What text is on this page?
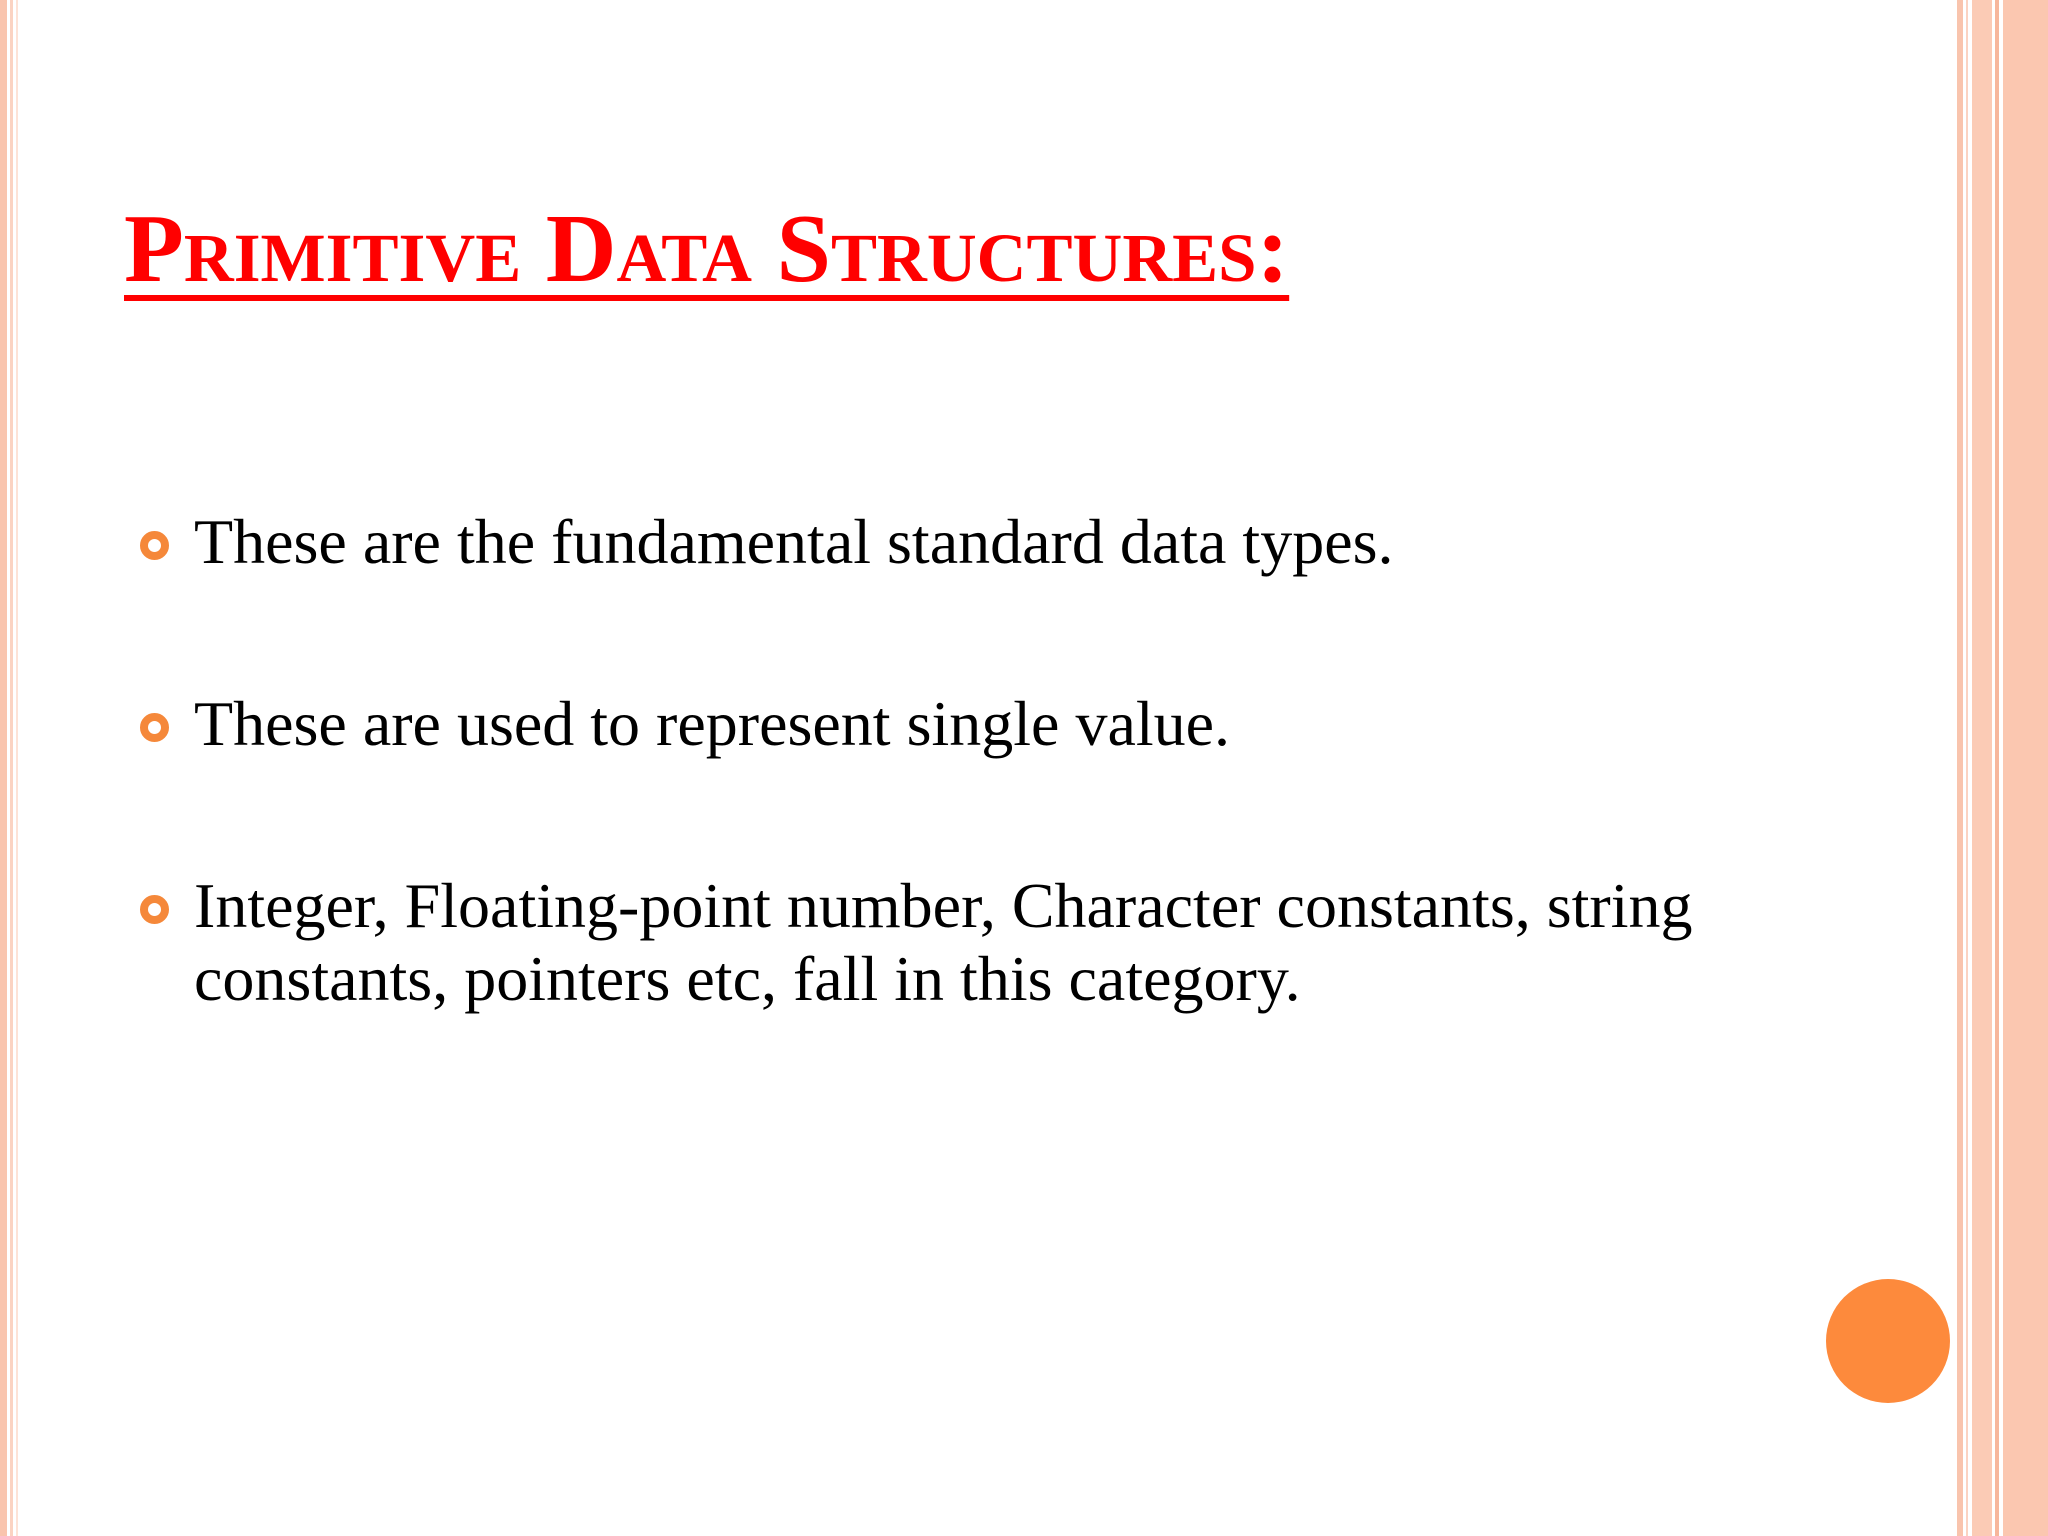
Primitive Data Structures:
These are the fundamental standard data types.
These are used to represent single value.
Integer, Floating-point number, Character constants, string constants, pointers etc, fall in this category.
